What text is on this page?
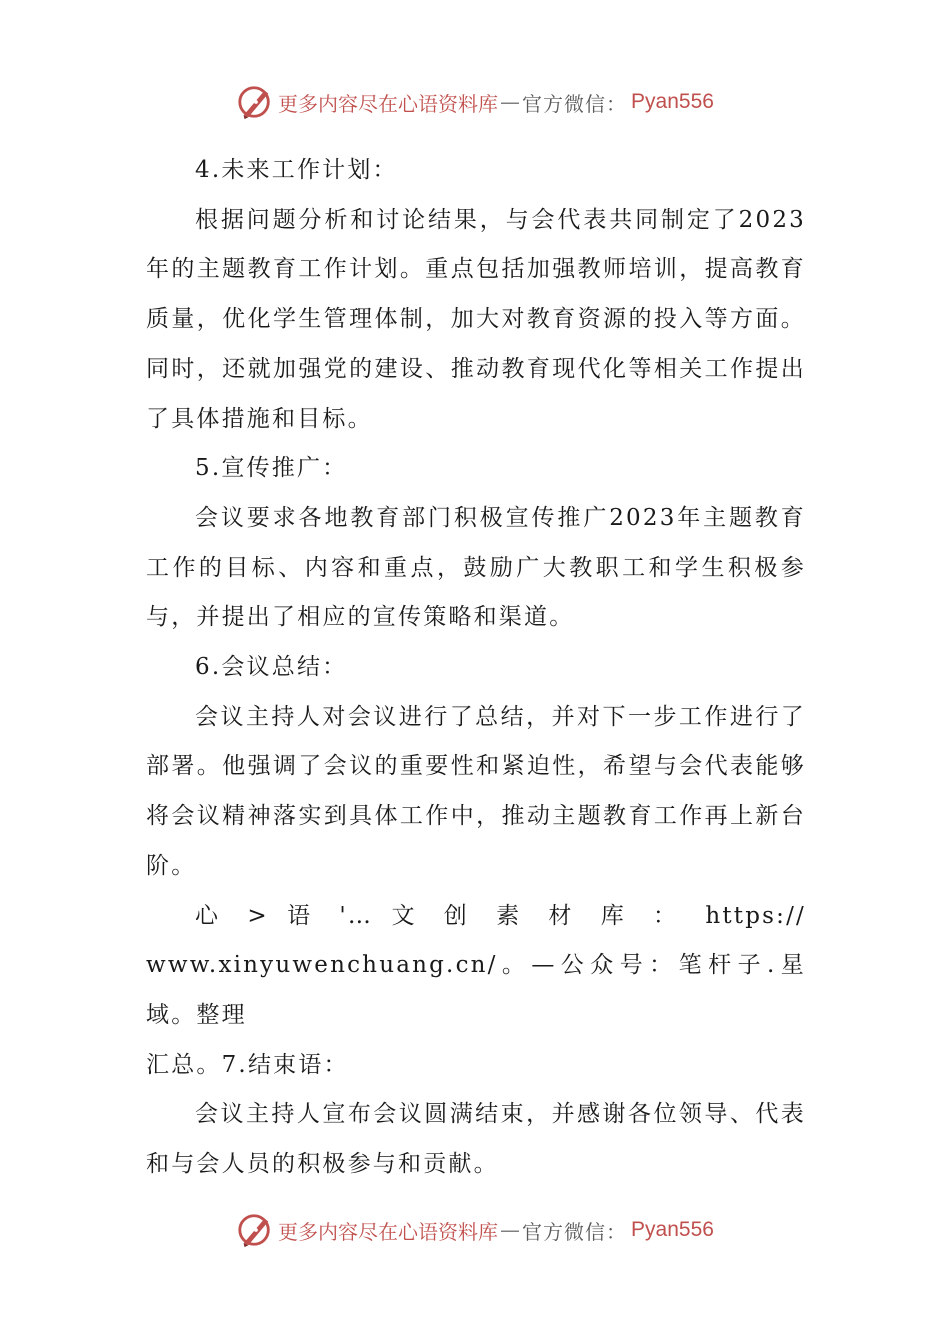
更多内容尽在心语资料库 — 官方微信： Pyan556

4.未来工作计划：

根据问题分析和讨论结果，与会代表共同制定了2023年的主题教育工作计划。重点包括加强教师培训，提高教育质量，优化学生管理体制，加大对教育资源的投入等方面。同时，还就加强党的建设、推动教育现代化等相关工作提出了具体措施和目标。

5.宣传推广：

会议要求各地教育部门积极宣传推广2023年主题教育工作的目标、内容和重点，鼓励广大教职工和学生积极参与，并提出了相应的宣传策略和渠道。

6.会议总结：

会议主持人对会议进行了总结，并对下一步工作进行了部署。他强调了会议的重要性和紧迫性，希望与会代表能够将会议精神落实到具体工作中，推动主题教育工作再上新台阶。

心 > 语 '… 文 创 素 材 库 ： https://

www.xinyuwenchuang.cn/。—公众号：笔杆子.星域。整理

汇总。7.结束语：

会议主持人宣布会议圆满结束，并感谢各位领导、代表和与会人员的积极参与和贡献。

更多内容尽在心语资料库 — 官方微信： Pyan556
